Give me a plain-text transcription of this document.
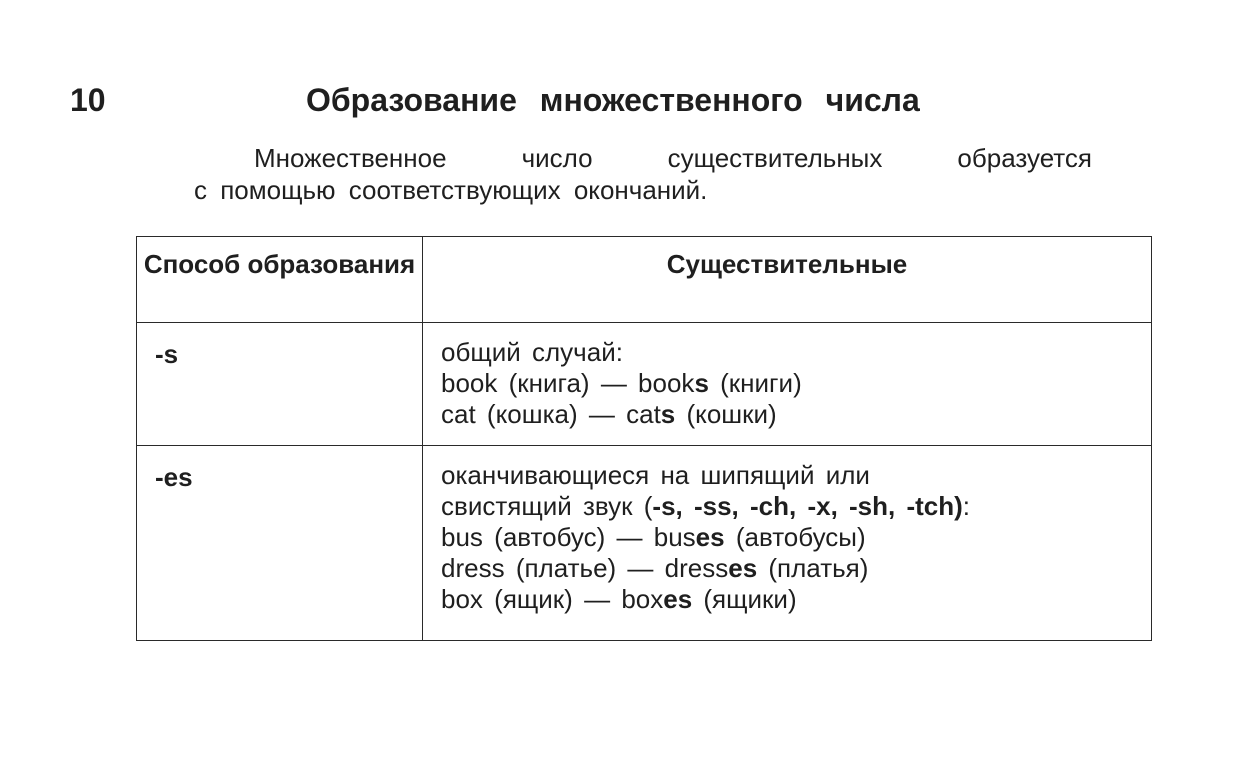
10	Образование множественного числа
Множественное	число	существительных	образуется
с помощью соответствующих окончаний.
Способ образования	Существительные
-s	общий случай:
book (книга) — books (книги)
cat (кошка) — cats (кошки)

-es	оканчивающиеся на шипящий или
свистящий звук (-s, -ss, -ch, -x, -sh, -tch):
bus (автобус) — buses (автобусы)
dress (платье) — dresses (платья)
box (ящик) — boxes (ящики)
